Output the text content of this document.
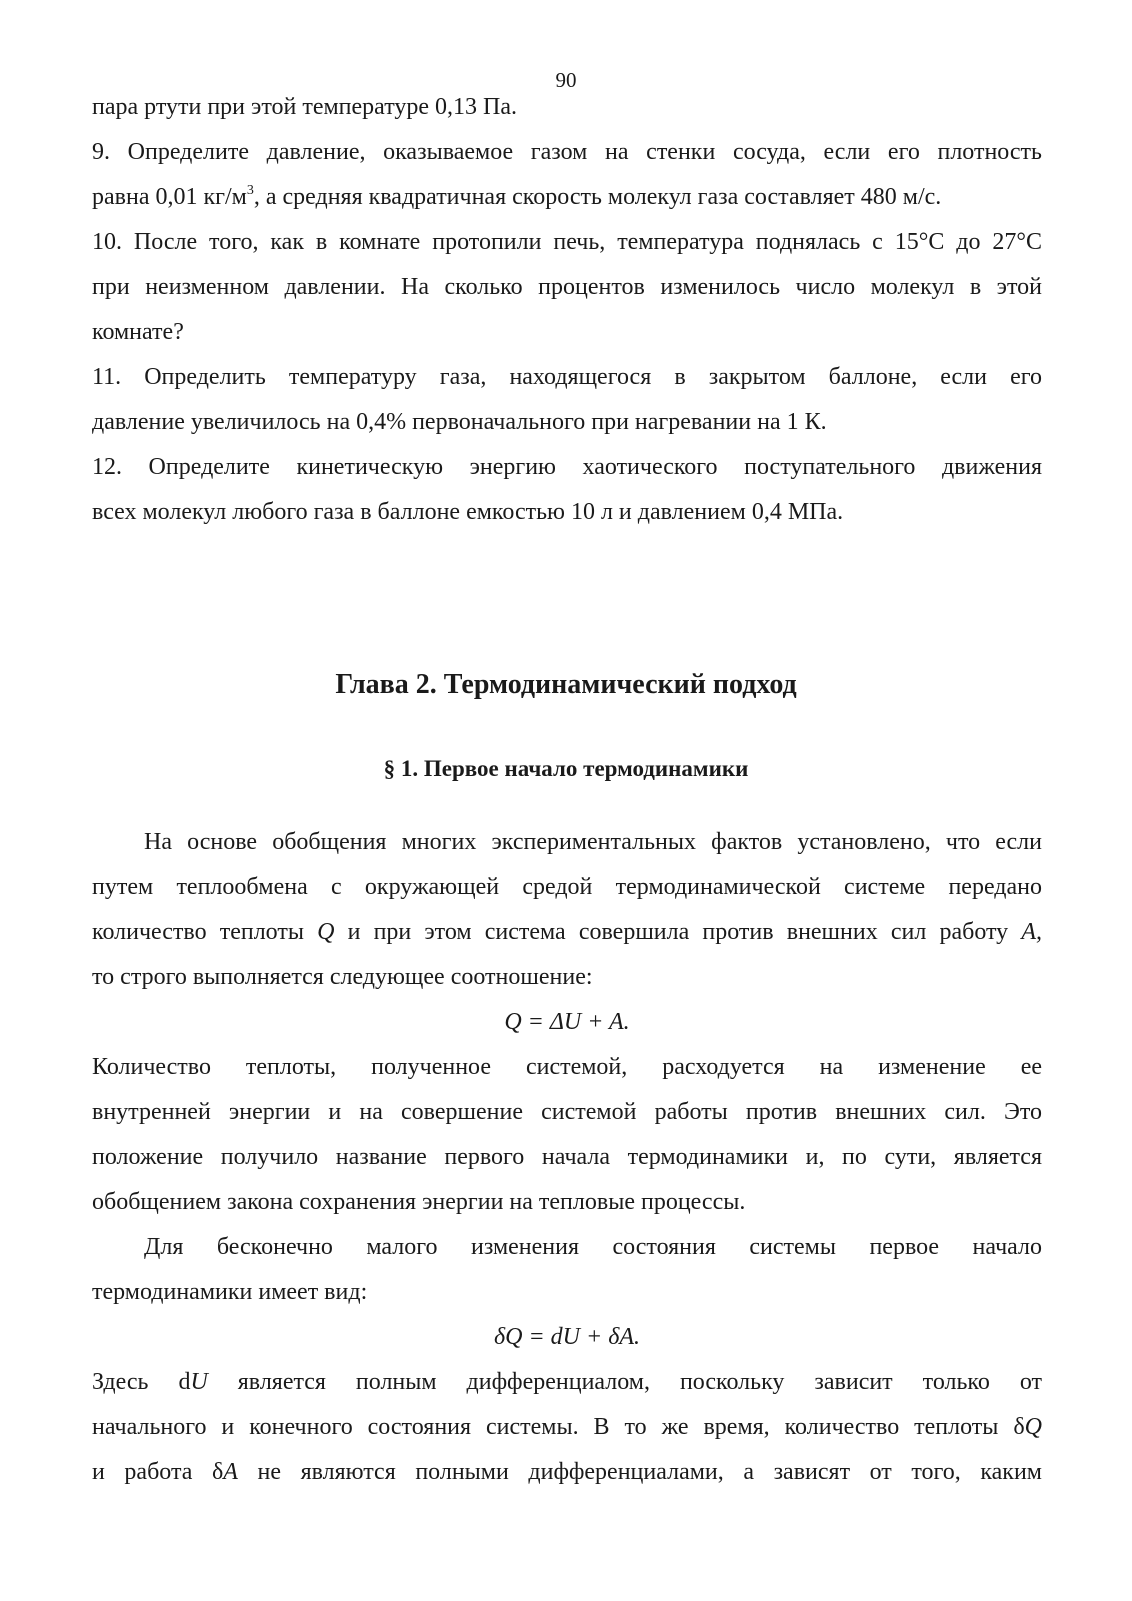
90

пара ртути при этой температуре 0,13 Па.

9. Определите давление, оказываемое газом на стенки сосуда, если его плотность

равна 0,01 $кг/м^3$, а средняя квадратичная скорость молекул газа составляет 480 м/с.

10. После того, как в комнате протопили печь, температура поднялась с 15°С до 27°С

при неизменном давлении. На сколько процентов изменилось число молекул в этой

комнате?

11. Определить температуру газа, находящегося в закрытом баллоне, если его

давление увеличилось на 0,4% первоначального при нагревании на 1 К.

12. Определите кинетическую энергию хаотического поступательного движения

всех молекул любого газа в баллоне емкостью 10 л и давлением 0,4 МПа.

Глава 2. Термодинамический подход
§ 1. Первое начало термодинамики

На основе обобщения многих экспериментальных фактов установлено, что если

путем теплообмена с окружающей средой термодинамической системе передано

количество теплоты Q и при этом система совершила против внешних сил работу A,

то строго выполняется следующее соотношение:

Q = ΔU + A.

Количество теплоты, полученное системой, расходуется на изменение ее

внутренней энергии и на совершение системой работы против внешних сил. Это

положение получило название первого начала термодинамики и, по сути, является

обобщением закона сохранения энергии на тепловые процессы.

Для бесконечно малого изменения состояния системы первое начало

термодинамики имеет вид:

δQ = dU + δA.

Здесь dU является полным дифференциалом, поскольку зависит только от

начального и конечного состояния системы. В то же время, количество теплоты δQ

и работа δA не являются полными дифференциалами, а зависят от того, каким
